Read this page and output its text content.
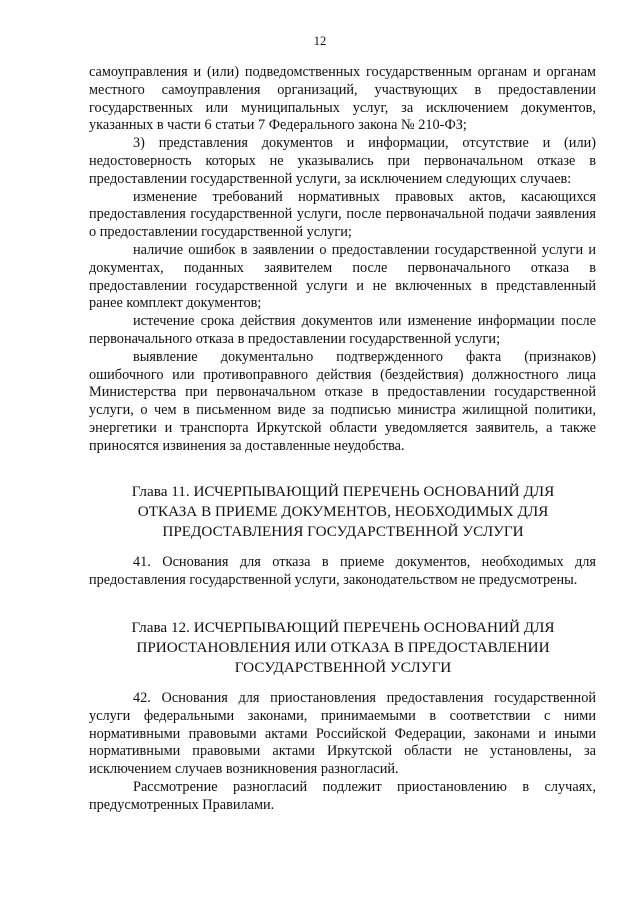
12

самоуправления и (или) подведомственных государственным органам и органам местного самоуправления организаций, участвующих в предоставлении государственных или муниципальных услуг, за исключением документов, указанных в части 6 статьи 7 Федерального закона № 210-ФЗ;

3) представления документов и информации, отсутствие и (или) недостоверность которых не указывались при первоначальном отказе в предоставлении государственной услуги, за исключением следующих случаев:

изменение требований нормативных правовых актов, касающихся предоставления государственной услуги, после первоначальной подачи заявления о предоставлении государственной услуги;

наличие ошибок в заявлении о предоставлении государственной услуги и документах, поданных заявителем после первоначального отказа в предоставлении государственной услуги и не включенных в представленный ранее комплект документов;

истечение срока действия документов или изменение информации после первоначального отказа в предоставлении государственной услуги;

выявление документально подтвержденного факта (признаков) ошибочного или противоправного действия (бездействия) должностного лица Министерства при первоначальном отказе в предоставлении государственной услуги, о чем в письменном виде за подписью министра жилищной политики, энергетики и транспорта Иркутской области уведомляется заявитель, а также приносятся извинения за доставленные неудобства.

Глава 11. ИСЧЕРПЫВАЮЩИЙ ПЕРЕЧЕНЬ ОСНОВАНИЙ ДЛЯ
ОТКАЗА В ПРИЕМЕ ДОКУМЕНТОВ, НЕОБХОДИМЫХ ДЛЯ
ПРЕДОСТАВЛЕНИЯ ГОСУДАРСТВЕННОЙ УСЛУГИ

41. Основания для отказа в приеме документов, необходимых для предоставления государственной услуги, законодательством не предусмотрены.

Глава 12. ИСЧЕРПЫВАЮЩИЙ ПЕРЕЧЕНЬ ОСНОВАНИЙ ДЛЯ
ПРИОСТАНОВЛЕНИЯ ИЛИ ОТКАЗА В ПРЕДОСТАВЛЕНИИ
ГОСУДАРСТВЕННОЙ УСЛУГИ

42. Основания для приостановления предоставления государственной услуги федеральными законами, принимаемыми в соответствии с ними нормативными правовыми актами Российской Федерации, законами и иными нормативными правовыми актами Иркутской области не установлены, за исключением случаев возникновения разногласий.

Рассмотрение разногласий подлежит приостановлению в случаях, предусмотренных Правилами.
